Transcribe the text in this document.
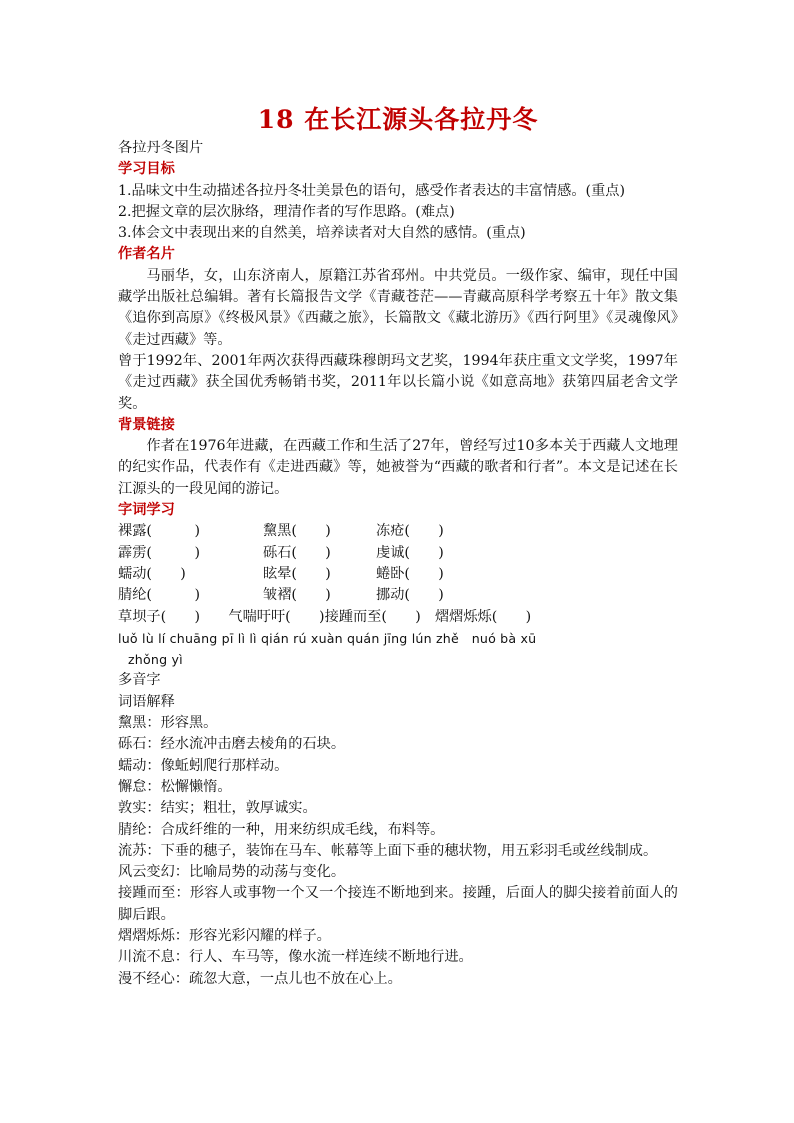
18 在长江源头各拉丹冬
各拉丹冬图片
学习目标
1.品味文中生动描述各拉丹冬壮美景色的语句，感受作者表达的丰富情感。(重点)
2.把握文章的层次脉络，理清作者的写作思路。(难点)
3.体会文中表现出来的自然美，培养读者对大自然的感情。(重点)
作者名片
马丽华，女，山东济南人，原籍江苏省邳州。中共党员。一级作家、编审，现任中国藏学出版社总编辑。著有长篇报告文学《青藏苍茫——青藏高原科学考察五十年》散文集《追你到高原》《终极风景》《西藏之旅》，长篇散文《藏北游历》《西行阿里》《灵魂像风》《走过西藏》等。
曾于1992年、2001年两次获得西藏珠穆朗玛文艺奖，1994年获庄重文文学奖，1997年《走过西藏》获全国优秀畅销书奖，2011年以长篇小说《如意高地》获第四届老舍文学奖。
背景链接
作者在1976年进藏，在西藏工作和生活了27年，曾经写过10多本关于西藏人文地理的纪实作品，代表作有《走进西藏》等，她被誉为“西藏的歌者和行者”。本文是记述在长江源头的一段见闻的游记。
字词学习
裸露(　　　)	黧黑(　　)	冻疮(　　)
霹雳(　　　)	砾石(　　)	虔诚(　　)
蠕动(　　)	眩晕(　　)	蜷卧(　　)
腈纶(　　　)	皱褶(　　)	挪动(　　)
草坝子(　　)　　气喘吁吁(　　)接踵而至(　　)　熠熠烁烁(　　)
luǒ lù lí chuāng pī lì lì qián rú xuàn quán jīng lún zhě　nuó bà xū
zhǒng yì
多音字
词语解释
黧黑：形容黑。
砾石：经水流冲击磨去棱角的石块。
蠕动：像蚯蚓爬行那样动。
懈怠：松懈懒惰。
敦实：结实；粗壮，敦厚诚实。
腈纶：合成纤维的一种，用来纺织成毛线，布料等。
流苏：下垂的穗子，装饰在马车、帐幕等上面下垂的穗状物，用五彩羽毛或丝线制成。
风云变幻：比喻局势的动荡与变化。
接踵而至：形容人或事物一个又一个接连不断地到来。接踵，后面人的脚尖接着前面人的脚后跟。
熠熠烁烁：形容光彩闪耀的样子。
川流不息：行人、车马等，像水流一样连续不断地行进。
漫不经心：疏忽大意，一点儿也不放在心上。
